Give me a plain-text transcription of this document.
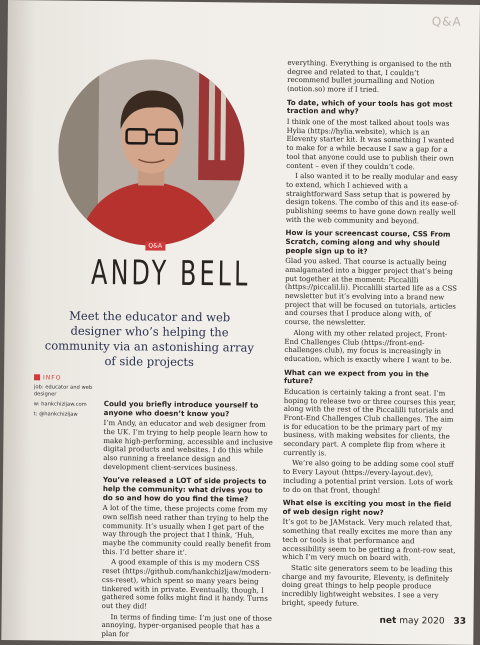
Q&A
Q&A
ANDY BELL
Meet the educator and web designer who’s helping the community via an astonishing array of side projects
INFO
job: educator and web designer
w: hankchizljaw.com
t: @hankchizljaw

Could you briefly introduce yourself to anyone who doesn’t know you?

I’m Andy, an educator and web designer from the UK. I’m trying to help people learn how to make high-performing, accessible and inclusive digital products and websites. I do this while also running a freelance design and development client-services business.

You’ve released a LOT of side projects to help the community: what drives you to do so and how do you find the time?

A lot of the time, these projects come from my own selfish need rather than trying to help the community. It’s usually when I get part of the way through the project that I think, ‘Huh, maybe the community could really benefit from this. I’d better share it’.

A good example of this is my modern CSS reset (https://github.com/hankchizljaw/modern-css-reset), which spent so many years being tinkered with in private. Eventually, though, I gathered some folks might find it handy. Turns out they did!

In terms of finding time: I’m just one of those annoying, hyper-organised people that has a plan for

everything. Everything is organised to the nth degree and related to that, I couldn’t recommend bullet journalling and Notion (notion.so) more if I tried.

To date, which of your tools has got most traction and why?

I think one of the most talked about tools was Hylia (https://hylia.website), which is an Eleventy starter kit. It was something I wanted to make for a while because I saw a gap for a tool that anyone could use to publish their own content – even if they couldn’t code.

I also wanted it to be really modular and easy to extend, which I achieved with a straightforward Sass setup that is powered by design tokens. The combo of this and its ease-of-publishing seems to have gone down really well with the web community and beyond.

How is your screencast course, CSS From Scratch, coming along and why should people sign up to it?

Glad you asked. That course is actually being amalgamated into a bigger project that’s being put together at the moment: Piccalilli (https://piccalil.li). Piccalilli started life as a CSS newsletter but it’s evolving into a brand new project that will be focused on tutorials, articles and courses that I produce along with, of course, the newsletter.

Along with my other related project, Front-End Challenges Club (https://front-end-challenges.club), my focus is increasingly in education, which is exactly where I want to be.

What can we expect from you in the future?

Education is certainly taking a front seat. I’m hoping to release two or three courses this year, along with the rest of the Piccalilli tutorials and Front-End Challenges Club challenges. The aim is for education to be the primary part of my business, with making websites for clients, the secondary part. A complete flip from where it currently is.

We’re also going to be adding some cool stuff to Every Layout (https://every-layout.dev), including a potential print version. Lots of work to do on that front, though!

What else is exciting you most in the field of web design right now?

It’s got to be JAMstack. Very much related that, something that really excites me more than any tech or tools is that performance and accessibility seem to be getting a front-row seat, which I’m very much on board with.

Static site generators seem to be leading this charge and my favourite, Eleventy, is definitely doing great things to help people produce incredibly lightweight websites. I see a very bright, speedy future.

net may 2020 33
